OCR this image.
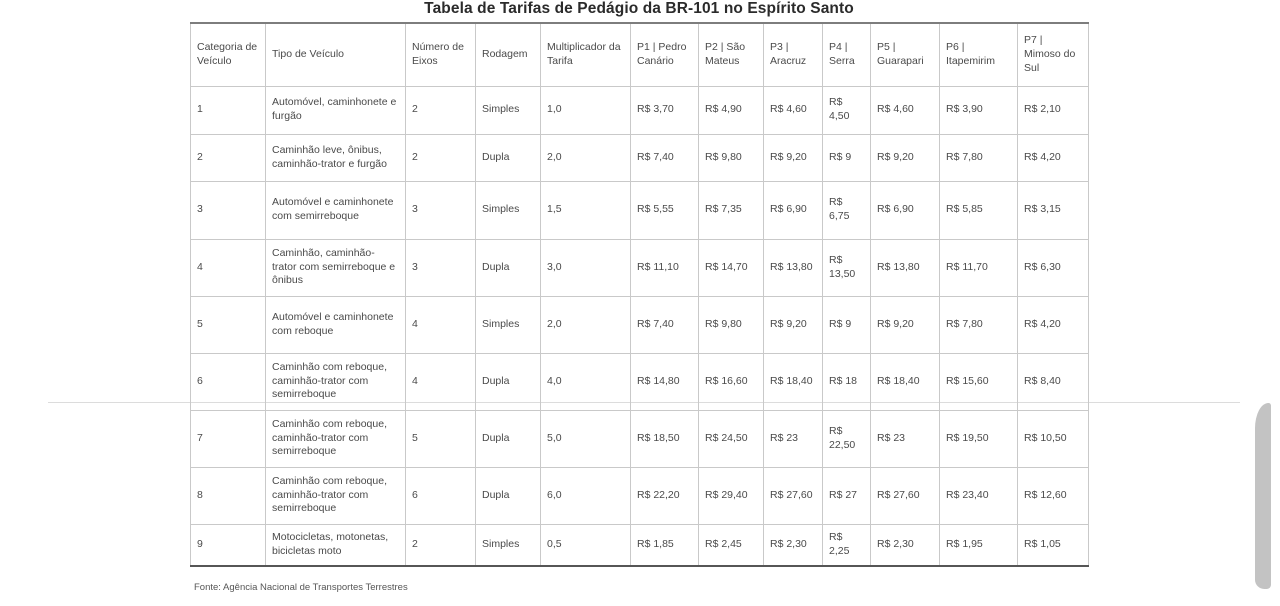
Tabela de Tarifas de Pedágio da BR-101 no Espírito Santo
Categoria de Veículo	Tipo de Veículo	Número de Eixos	Rodagem	Multiplicador da Tarifa	P1 | Pedro Canário	P2 | São Mateus	P3 | Aracruz	P4 | Serra	P5 | Guarapari	P6 | Itapemirim	P7 | Mimoso do Sul
1	Automóvel, caminhonete e furgão	2	Simples	1,0	R$ 3,70	R$ 4,90	R$ 4,60	R$ 4,50	R$ 4,60	R$ 3,90	R$ 2,10
2	Caminhão leve, ônibus, caminhão-trator e furgão	2	Dupla	2,0	R$ 7,40	R$ 9,80	R$ 9,20	R$ 9	R$ 9,20	R$ 7,80	R$ 4,20
3	Automóvel e caminhonete com semirreboque	3	Simples	1,5	R$ 5,55	R$ 7,35	R$ 6,90	R$ 6,75	R$ 6,90	R$ 5,85	R$ 3,15
4	Caminhão, caminhão-trator com semirreboque e ônibus	3	Dupla	3,0	R$ 11,10	R$ 14,70	R$ 13,80	R$ 13,50	R$ 13,80	R$ 11,70	R$ 6,30
5	Automóvel e caminhonete com reboque	4	Simples	2,0	R$ 7,40	R$ 9,80	R$ 9,20	R$ 9	R$ 9,20	R$ 7,80	R$ 4,20
6	Caminhão com reboque, caminhão-trator com semirreboque	4	Dupla	4,0	R$ 14,80	R$ 16,60	R$ 18,40	R$ 18	R$ 18,40	R$ 15,60	R$ 8,40
7	Caminhão com reboque, caminhão-trator com semirreboque	5	Dupla	5,0	R$ 18,50	R$ 24,50	R$ 23	R$ 22,50	R$ 23	R$ 19,50	R$ 10,50
8	Caminhão com reboque, caminhão-trator com semirreboque	6	Dupla	6,0	R$ 22,20	R$ 29,40	R$ 27,60	R$ 27	R$ 27,60	R$ 23,40	R$ 12,60
9	Motocicletas, motonetas, bicicletas moto	2	Simples	0,5	R$ 1,85	R$ 2,45	R$ 2,30	R$ 2,25	R$ 2,30	R$ 1,95	R$ 1,05
Fonte: Agência Nacional de Transportes Terrestres
